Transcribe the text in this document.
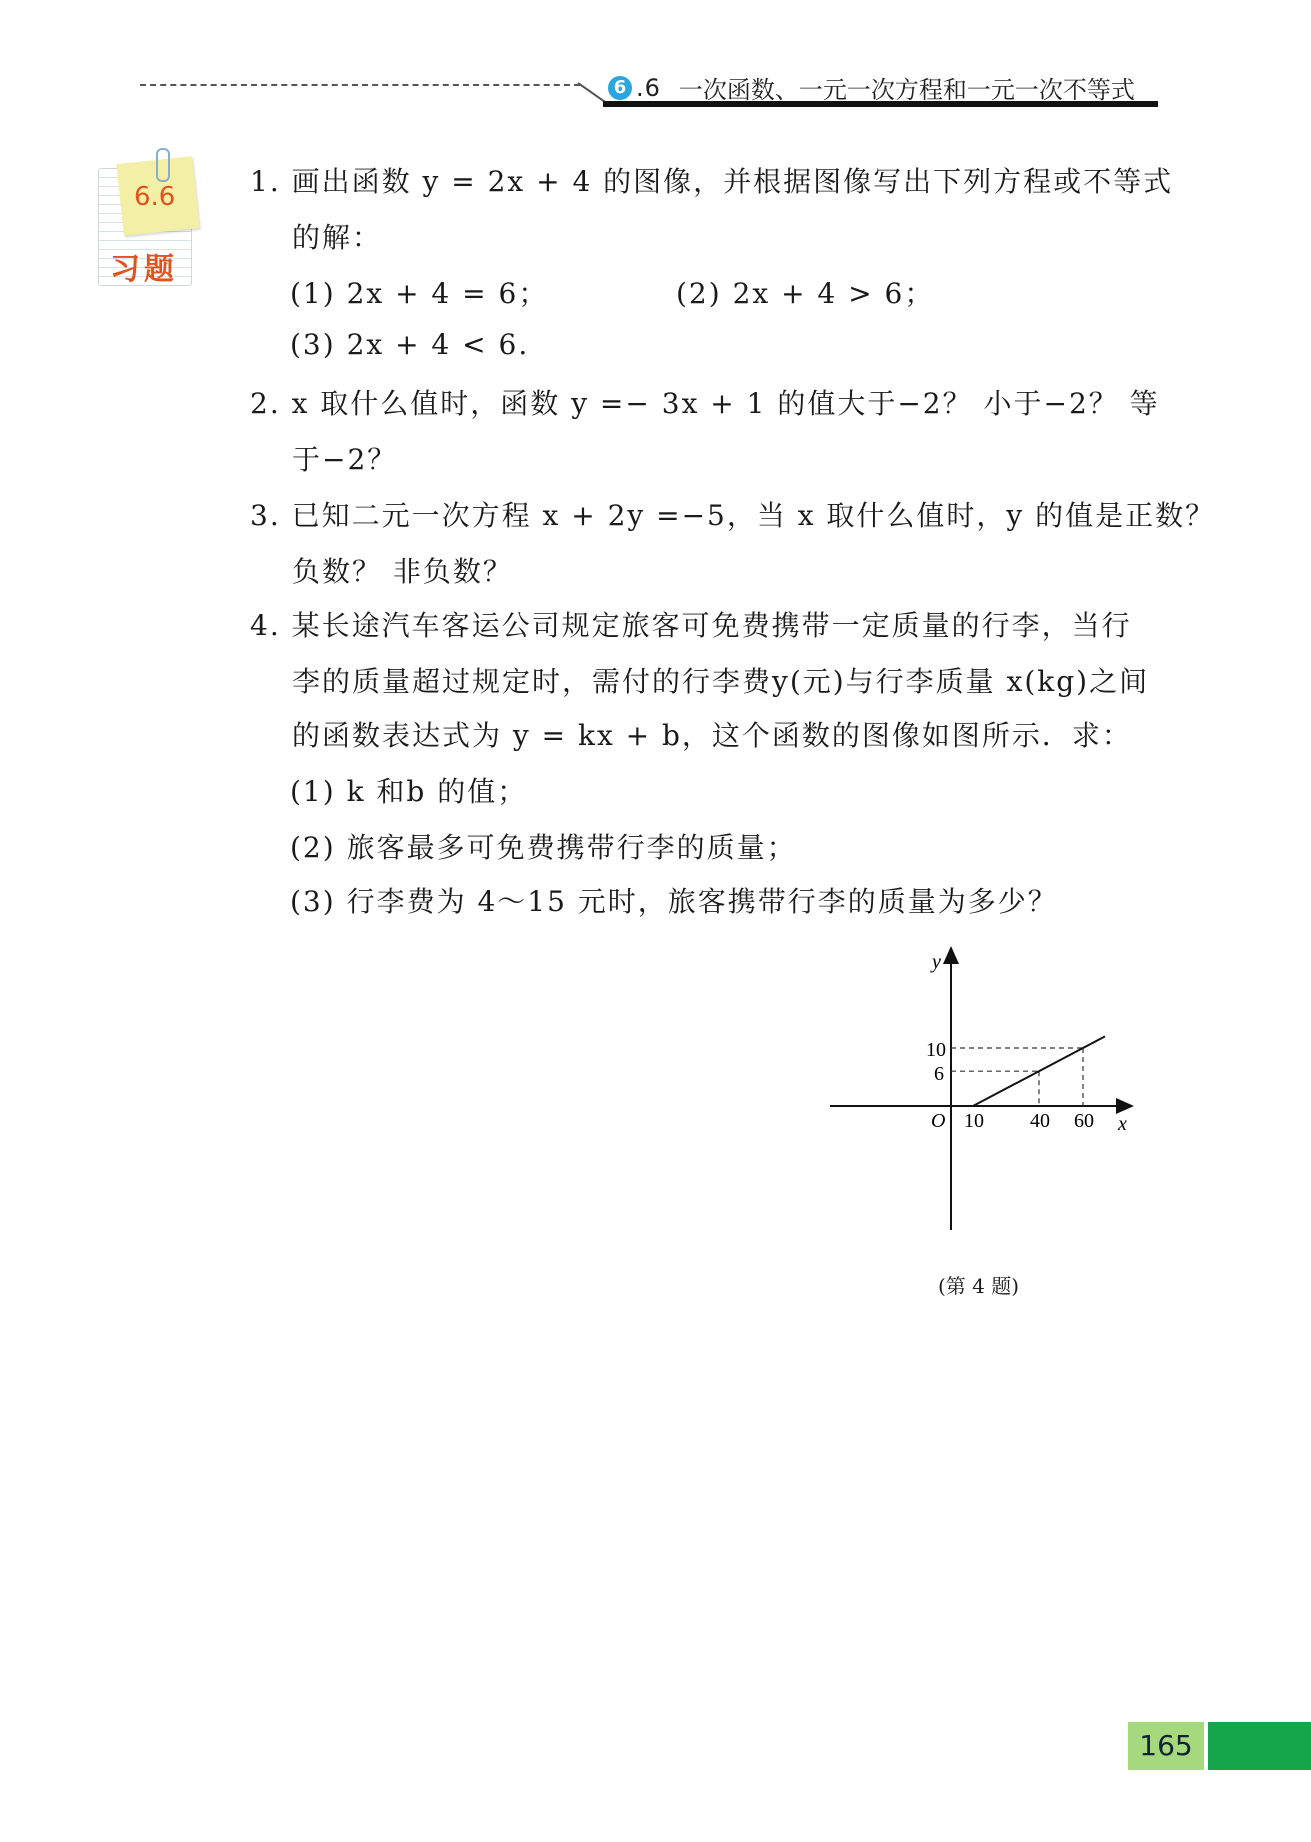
6 .6 一次函数、一元一次方程和一元一次不等式
6.6
习题
1. 画出函数 y = 2x + 4 的图像，并根据图像写出下列方程或不等式
的解：
(1) 2x + 4 = 6；	(2) 2x + 4 > 6；
(3) 2x + 4 < 6.
2. x 取什么值时，函数 y =− 3x + 1 的值大于−2？ 小于−2？ 等
于−2？
3. 已知二元一次方程 x + 2y =−5，当 x 取什么值时，y 的值是正数？
负数？ 非负数？
4. 某长途汽车客运公司规定旅客可免费携带一定质量的行李，当行
李的质量超过规定时，需付的行李费y(元)与行李质量 x(kg)之间
的函数表达式为 y = kx + b，这个函数的图像如图所示．求：
(1) k 和b 的值；
(2) 旅客最多可免费携带行李的质量；
(3) 行李费为 4～15 元时，旅客携带行李的质量为多少？
y
x
O
10
6
10 40 60
(第 4 题)
165
